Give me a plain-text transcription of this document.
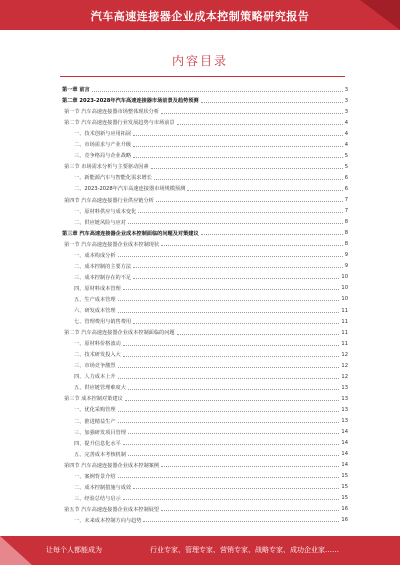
汽车高速连接器企业成本控制策略研究报告
内容目录
第一章 前言	3
第二章 2023-2028年汽车高速连接器市场前景及趋势预测	3
第一节 汽车高速连接器市场整体现状分析	3
第二节 汽车高速连接器行业发展趋势与市场前景	4
一、技术创新与应用拓展	4
二、市场需求与产业升级	4
三、竞争格局与企业战略	5
第三节 市场需求分析与主要驱动因素	5
一、新能源汽车与智能化需求增长	6
二、2023-2028年汽车高速连接器市场规模预测	6
第四节 汽车高速连接器行业供应链分析	7
一、原材料供应与成本变化	7
二、供应链风险与应对	8
第三章 汽车高速连接器企业成本控制面临的问题及对策建议	8
第一节 汽车高速连接器企业成本控制现状	8
一、成本构成分析	9
二、成本控制的主要方法	9
三、成本控制存在的不足	10
四、原材料成本管理	10
五、生产成本管理	10
六、研发成本管理	11
七、管理费用与销售费用	11
第二节 汽车高速连接器企业成本控制面临的问题	11
一、原材料价格波动	11
二、技术研发投入大	12
三、市场竞争激烈	12
四、人力成本上升	12
五、供应链管理难度大	13
第三节 成本控制对策建议	13
一、优化采购管理	13
二、推进精益生产	13
三、加强研发项目管理	14
四、提升信息化水平	14
五、完善成本考核机制	14
第四节 汽车高速连接器企业成本控制案例	14
一、案例背景介绍	15
二、成本控制措施与成效	15
三、经验总结与启示	15
第五节 汽车高速连接器企业成本控制展望	16
一、未来成本控制方向与趋势	16
让每个人都能成为	行业专家、管理专家、营销专家、战略专家、成功企业家……
